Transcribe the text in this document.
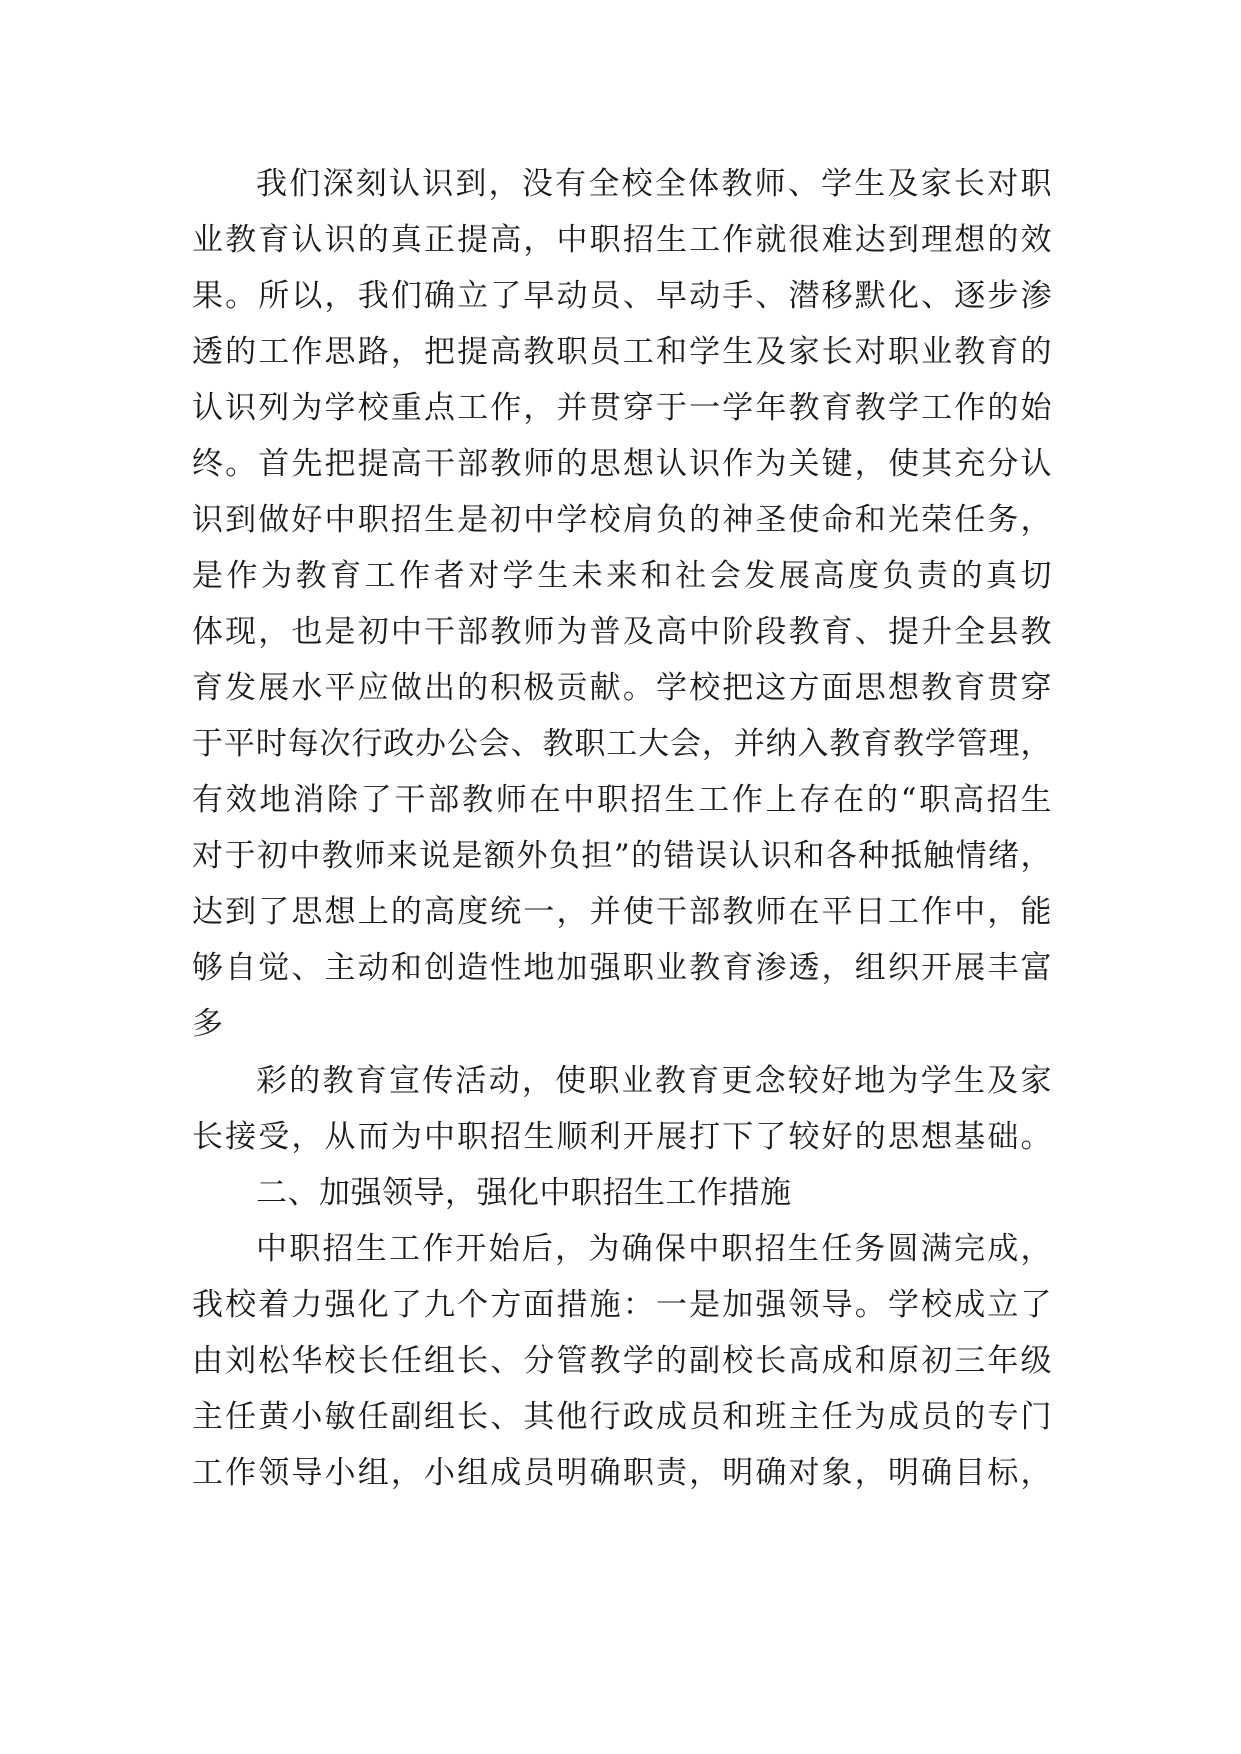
我们深刻认识到，没有全校全体教师、学生及家长对职
业教育认识的真正提高，中职招生工作就很难达到理想的效
果。所以，我们确立了早动员、早动手、潜移默化、逐步渗
透的工作思路，把提高教职员工和学生及家长对职业教育的
认识列为学校重点工作，并贯穿于一学年教育教学工作的始
终。首先把提高干部教师的思想认识作为关键，使其充分认
识到做好中职招生是初中学校肩负的神圣使命和光荣任务，
是作为教育工作者对学生未来和社会发展高度负责的真切
体现，也是初中干部教师为普及高中阶段教育、提升全县教
育发展水平应做出的积极贡献。学校把这方面思想教育贯穿
于平时每次行政办公会、教职工大会，并纳入教育教学管理，
有效地消除了干部教师在中职招生工作上存在的“职高招生
对于初中教师来说是额外负担”的错误认识和各种抵触情绪，
达到了思想上的高度统一，并使干部教师在平日工作中，能
够自觉、主动和创造性地加强职业教育渗透，组织开展丰富
多
彩的教育宣传活动，使职业教育更念较好地为学生及家
长接受，从而为中职招生顺利开展打下了较好的思想基础。
二、加强领导，强化中职招生工作措施
中职招生工作开始后，为确保中职招生任务圆满完成，
我校着力强化了九个方面措施：一是加强领导。学校成立了
由刘松华校长任组长、分管教学的副校长高成和原初三年级
主任黄小敏任副组长、其他行政成员和班主任为成员的专门
工作领导小组，小组成员明确职责，明确对象，明确目标，
